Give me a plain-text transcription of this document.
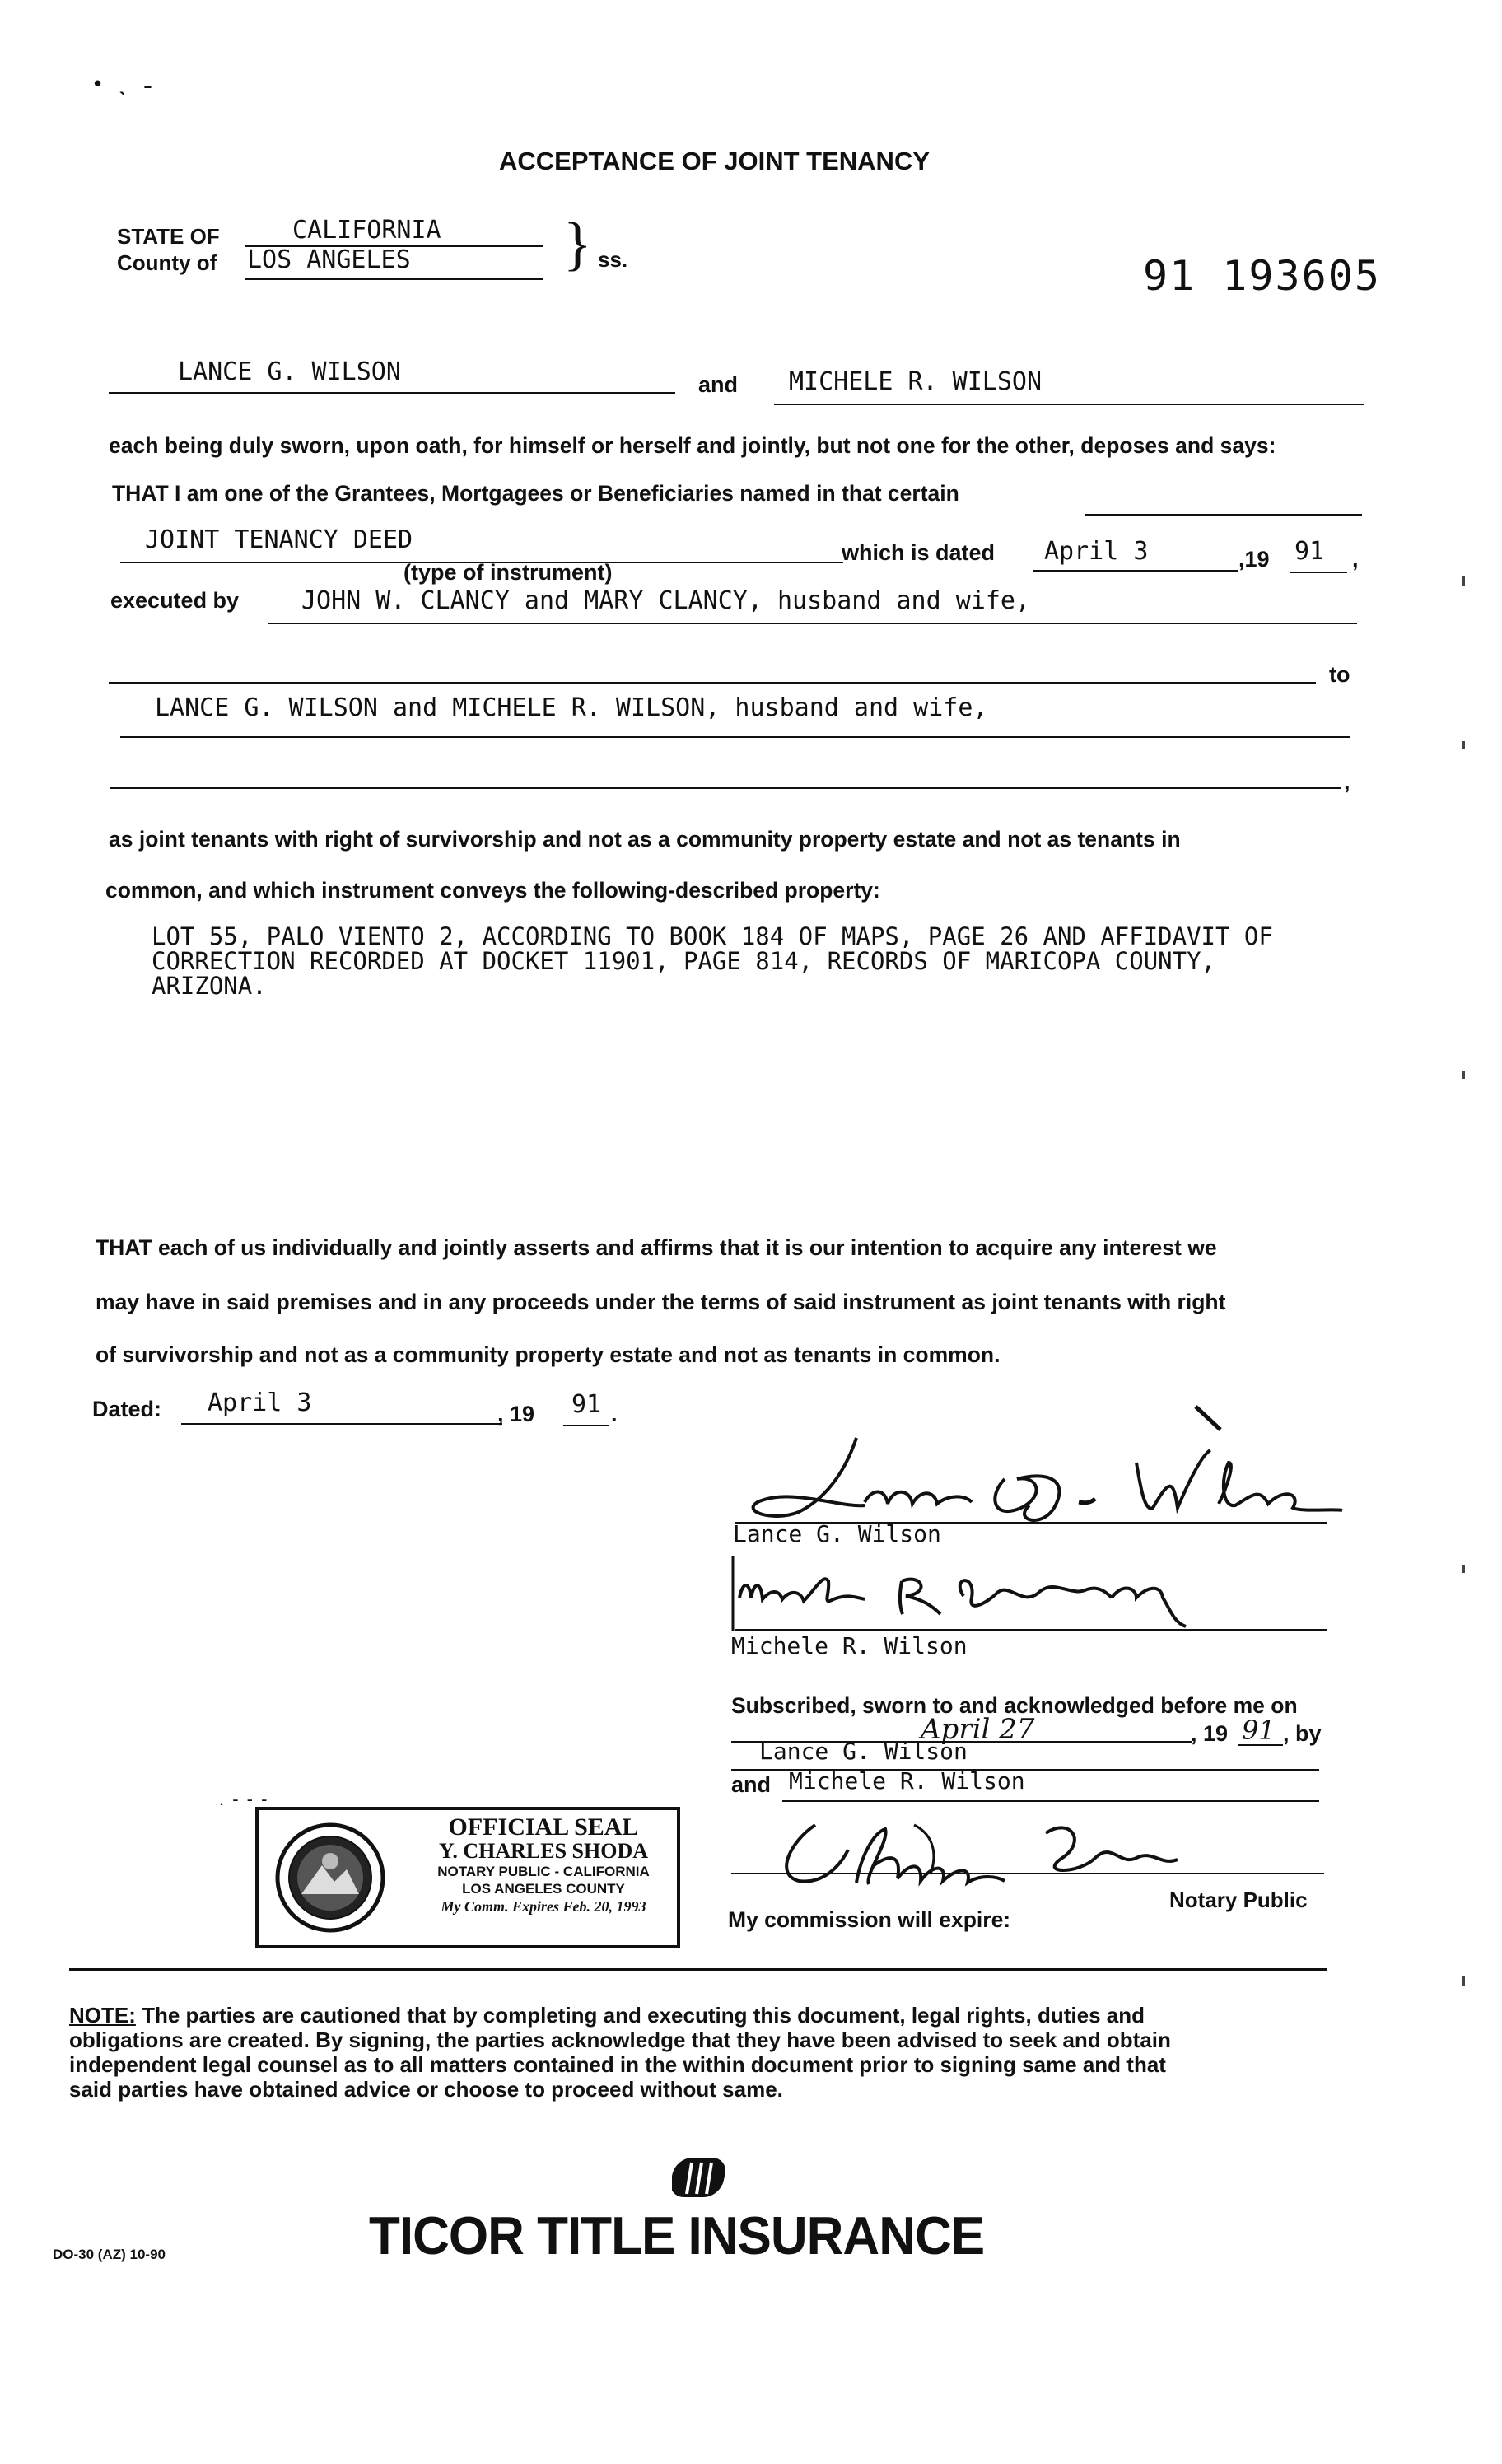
ACCEPTANCE OF JOINT TENANCY
STATE OF	CALIFORNIA
County of LOS ANGELES	} ss.	91 193605
LANCE G. WILSON	and MICHELE R. WILSON
each being duly sworn, upon oath, for himself or herself and jointly, but not one for the other, deposes and says:
THAT I am one of the Grantees, Mortgagees or Beneficiaries named in that certain
JOINT TENANCY DEED	which is dated April 3	,19 91 ,
(type of instrument)
executed by	JOHN W. CLANCY and MARY CLANCY, husband and wife,
to
LANCE G. WILSON and MICHELE R. WILSON, husband and wife,
,
as joint tenants with right of survivorship and not as a community property estate and not as tenants in
common, and which instrument conveys the following-described property:
LOT 55, PALO VIENTO 2, ACCORDING TO BOOK 184 OF MAPS, PAGE 26 AND AFFIDAVIT OF
CORRECTION RECORDED AT DOCKET 11901, PAGE 814, RECORDS OF MARICOPA COUNTY,
ARIZONA.
THAT each of us individually and jointly asserts and affirms that it is our intention to acquire any interest we
may have in said premises and in any proceeds under the terms of said instrument as joint tenants with right
of survivorship and not as a community property estate and not as tenants in common.
Dated: April 3	, 19 91 .
Lance G. Wilson
Michele R. Wilson
Subscribed, sworn to and acknowledged before me on
April 27	, 19 91 , by
Lance G. Wilson
and Michele R. Wilson
Notary Public
My commission will expire:
OFFICIAL SEAL
Y. CHARLES SHODA
NOTARY PUBLIC - CALIFORNIA
LOS ANGELES COUNTY
My Comm. Expires Feb. 20, 1993
. - - -
NOTE: The parties are cautioned that by completing and executing this document, legal rights, duties and
obligations are created. By signing, the parties acknowledge that they have been advised to seek and obtain
independent legal counsel as to all matters contained in the within document prior to signing same and that
said parties have obtained advice or choose to proceed without same.
TICOR TITLE INSURANCE
DO-30 (AZ) 10-90
•   ˎ   ˗
